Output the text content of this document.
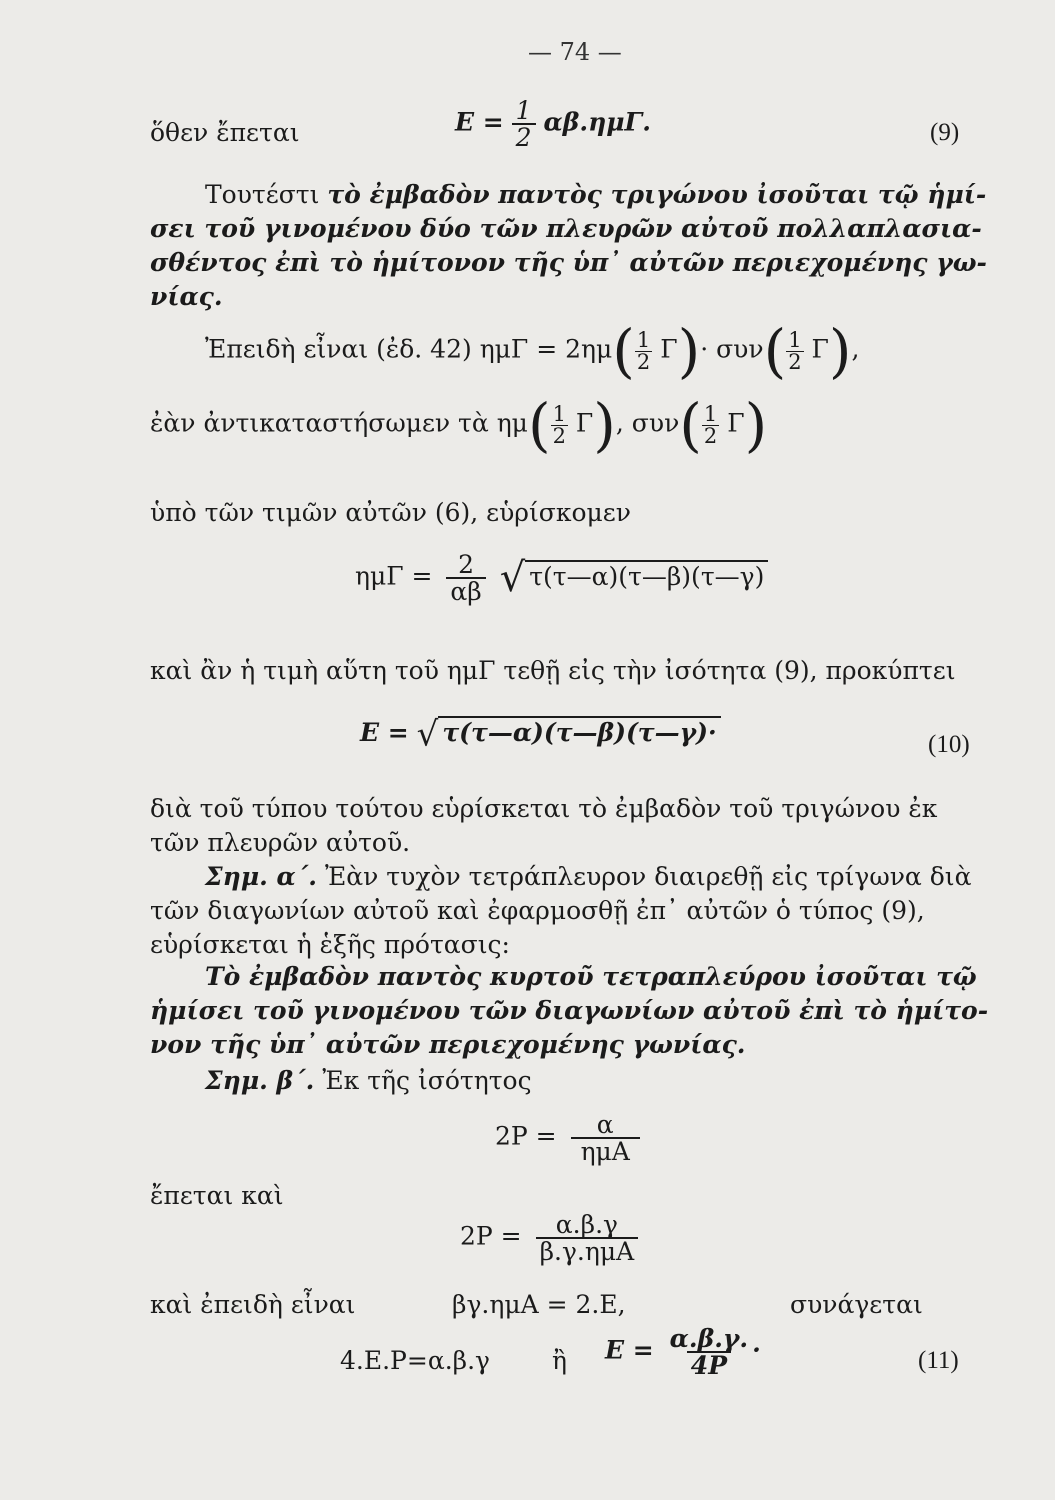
— 74 —
ὅθεν ἔπεται	$E = \frac{1}{2} \alpha\beta.\eta\mu\Gamma$.	(9)
Τουτέστι τὸ ἐμβαδὸν παντὸς τριγώνου ἰσοῦται τῷ ἡμί-
σει τοῦ γινομένου δύο τῶν πλευρῶν αὐτοῦ πολλαπλασια-
σθέντος ἐπὶ τὸ ἡμίτονον τῆς ὑπ᾽ αὐτῶν περιεχομένης γω-
νίας.
Ἐπειδὴ εἶναι (ἐδ. 42) $\eta\mu\Gamma = 2\eta\mu( \frac{1}{2} \Gamma)\cdot \sigma\upsilon\nu( \frac{1}{2} \Gamma)$,
ἐὰν ἀντικαταστήσωμεν τὰ $\eta\mu( \frac{1}{2} \Gamma)$, $\sigma\upsilon\nu( \frac{1}{2} \Gamma)$
ὑπὸ τῶν τιμῶν αὐτῶν (6), εὑρίσκομεν
$\eta\mu\Gamma = \frac{2}{\alpha\beta}$ √ τ(τ—α)(τ—β)(τ—γ)
καὶ ἂν ἡ τιμὴ αὕτη τοῦ ημΓ τεθῇ εἰς τὴν ἰσότητα (9), προκύπτει
E = √ τ(τ—α)(τ—β)(τ—γ)·	(10)
διὰ τοῦ τύπου τούτου εὑρίσκεται τὸ ἐμβαδὸν τοῦ τριγώνου ἐκ
τῶν πλευρῶν αὐτοῦ.
Σημ. α΄. Ἐὰν τυχὸν τετράπλευρον διαιρεθῇ εἰς τρίγωνα διὰ
τῶν διαγωνίων αὐτοῦ καὶ ἐφαρμοσθῇ ἐπ᾽ αὐτῶν ὁ τύπος (9),
εὑρίσκεται ἡ ἑξῆς πρότασις:
Τὸ ἐμβαδὸν παντὸς κυρτοῦ τετραπλεύρου ἰσοῦται τῷ
ἡμίσει τοῦ γινομένου τῶν διαγωνίων αὐτοῦ ἐπὶ τὸ ἡμίτο-
νον τῆς ὑπ᾽ αὐτῶν περιεχομένης γωνίας.
Σημ. β΄. Ἐκ τῆς ἰσότητος
$2P = \frac{\alpha}{\text{ημΑ}}$
ἔπεται καὶ
$2P = \frac{\alpha.\beta.\gamma}{\text{β.γ.ημΑ}}$
καὶ ἐπειδὴ εἶναι	βγ.ημΑ = 2.Ε,	συνάγεται
4.Ε.Ρ=α.β.γ ἢ $E = \frac{\alpha.\beta.\gamma.}{4P}$ ·	(11)
